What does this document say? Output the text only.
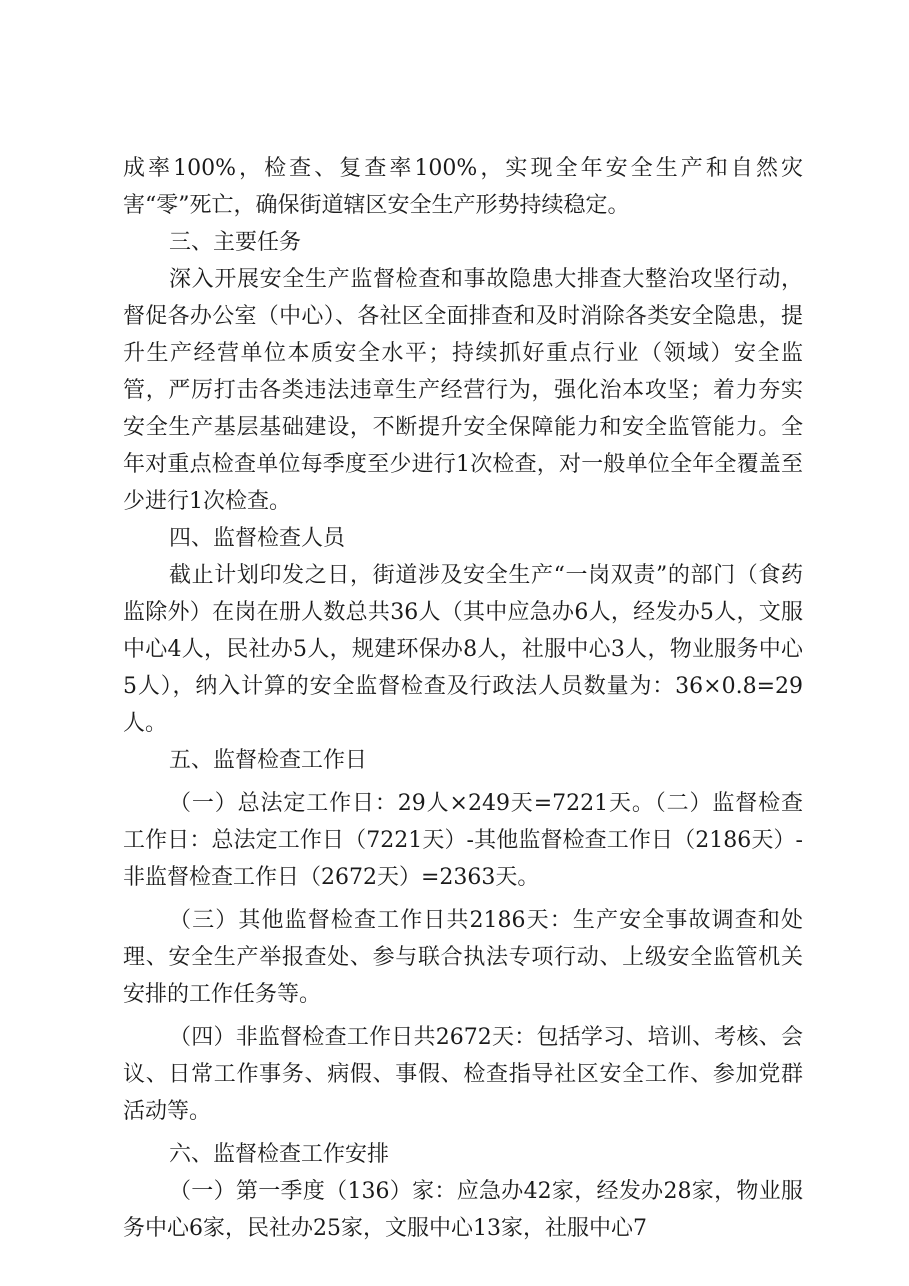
成率100%，检查、复查率100%，实现全年安全生产和自然灾害“零”死亡，确保街道辖区安全生产形势持续稳定。

三、主要任务

深入开展安全生产监督检查和事故隐患大排查大整治攻坚行动，督促各办公室（中心）、各社区全面排查和及时消除各类安全隐患，提升生产经营单位本质安全水平；持续抓好重点行业（领域）安全监管，严厉打击各类违法违章生产经营行为，强化治本攻坚；着力夯实安全生产基层基础建设，不断提升安全保障能力和安全监管能力。全年对重点检查单位每季度至少进行1次检查，对一般单位全年全覆盖至少进行1次检查。

四、监督检查人员

截止计划印发之日，街道涉及安全生产“一岗双责”的部门（食药监除外）在岗在册人数总共36人（其中应急办6人，经发办5人，文服中心4人，民社办5人，规建环保办8人，社服中心3人，物业服务中心5人），纳入计算的安全监督检查及行政法人员数量为：36×0.8=29人。

五、监督检查工作日

（一）总法定工作日：29人×249天=7221天。（二）监督检查工作日：总法定工作日（7221天）-其他监督检查工作日（2186天）-非监督检查工作日（2672天）=2363天。

（三）其他监督检查工作日共2186天：生产安全事故调查和处理、安全生产举报查处、参与联合执法专项行动、上级安全监管机关安排的工作任务等。

（四）非监督检查工作日共2672天：包括学习、培训、考核、会议、日常工作事务、病假、事假、检查指导社区安全工作、参加党群活动等。

六、监督检查工作安排

（一）第一季度（136）家：应急办42家，经发办28家，物业服务中心6家，民社办25家，文服中心13家，社服中心7
